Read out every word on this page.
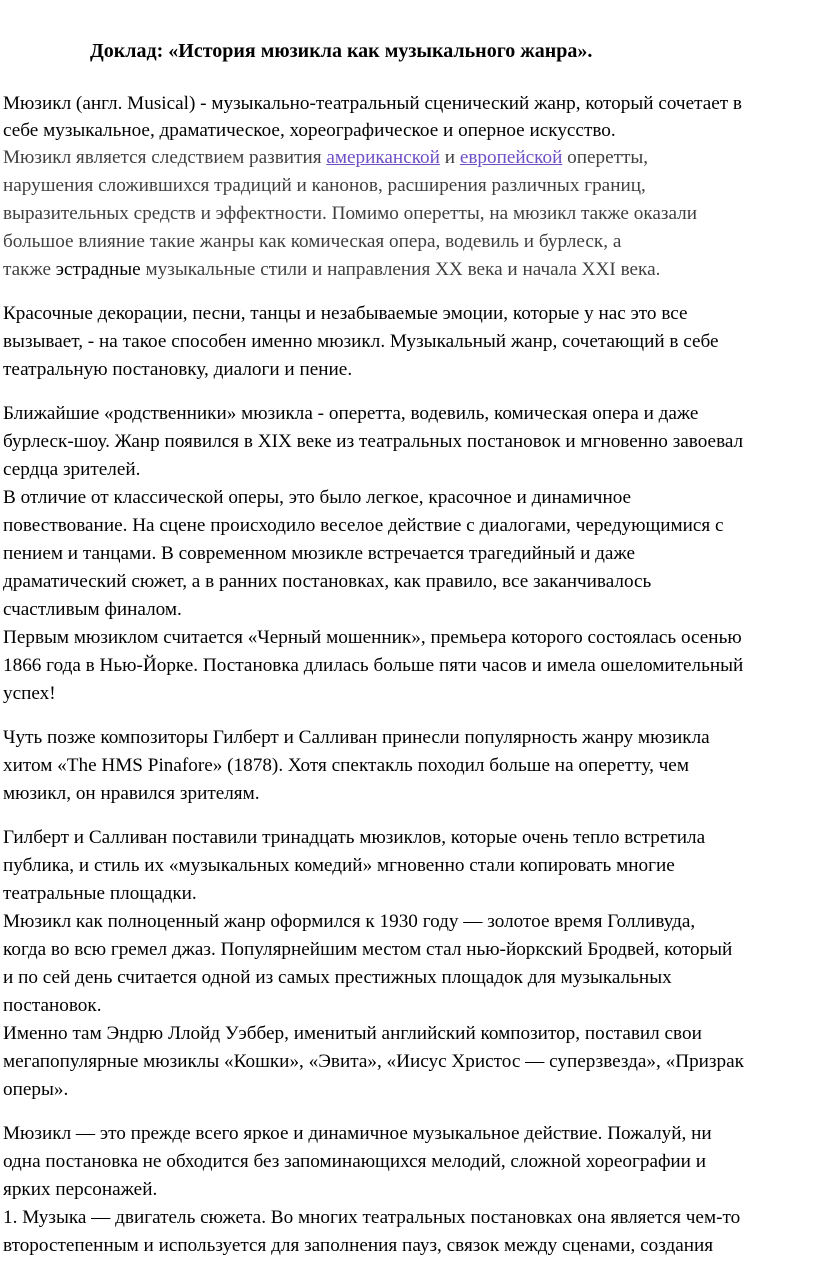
Доклад: «История мюзикла как музыкального жанра».
Мюзикл (англ. Musical) - музыкально-театральный сценический жанр, который сочетает в
себе музыкальное, драматическое, хореографическое и оперное искусство.
Мюзикл является следствием развития американской и европейской оперетты,
нарушения сложившихся традиций и канонов, расширения различных границ,
выразительных средств и эффектности. Помимо оперетты, на мюзикл также оказали
большое влияние такие жанры как комическая опера, водевиль и бурлеск, а
также эстрадные музыкальные стили и направления XX века и начала XXI века.
Красочные декорации, песни, танцы и незабываемые эмоции, которые у нас это все
вызывает, - на такое способен именно мюзикл. Музыкальный жанр, сочетающий в себе
театральную постановку, диалоги и пение.
Ближайшие «родственники» мюзикла - оперетта, водевиль, комическая опера и даже
бурлеск-шоу. Жанр появился в XIX веке из театральных постановок и мгновенно завоевал
сердца зрителей.
В отличие от классической оперы, это было легкое, красочное и динамичное
повествование. На сцене происходило веселое действие с диалогами, чередующимися с
пением и танцами. В современном мюзикле встречается трагедийный и даже
драматический сюжет, а в ранних постановках, как правило, все заканчивалось
счастливым финалом.
Первым мюзиклом считается «Черный мошенник», премьера которого состоялась осенью
1866 года в Нью-Йорке. Постановка длилась больше пяти часов и имела ошеломительный
успех!
Чуть позже композиторы Гилберт и Салливан принесли популярность жанру мюзикла
хитом «The HMS Pinafore» (1878). Хотя спектакль походил больше на оперетту, чем
мюзикл, он нравился зрителям.
Гилберт и Салливан поставили тринадцать мюзиклов, которые очень тепло встретила
публика, и стиль их «музыкальных комедий» мгновенно стали копировать многие
театральные площадки.
Мюзикл как полноценный жанр оформился к 1930 году — золотое время Голливуда,
когда во всю гремел джаз. Популярнейшим местом стал нью-йоркский Бродвей, который
и по сей день считается одной из самых престижных площадок для музыкальных
постановок.
Именно там Эндрю Ллойд Уэббер, именитый английский композитор, поставил свои
мегапопулярные мюзиклы «Кошки», «Эвита», «Иисус Христос — суперзвезда», «Призрак
оперы».
Мюзикл — это прежде всего яркое и динамичное музыкальное действие. Пожалуй, ни
одна постановка не обходится без запоминающихся мелодий, сложной хореографии и
ярких персонажей.
1. Музыка — двигатель сюжета. Во многих театральных постановках она является чем-то
второстепенным и используется для заполнения пауз, связок между сценами, создания
